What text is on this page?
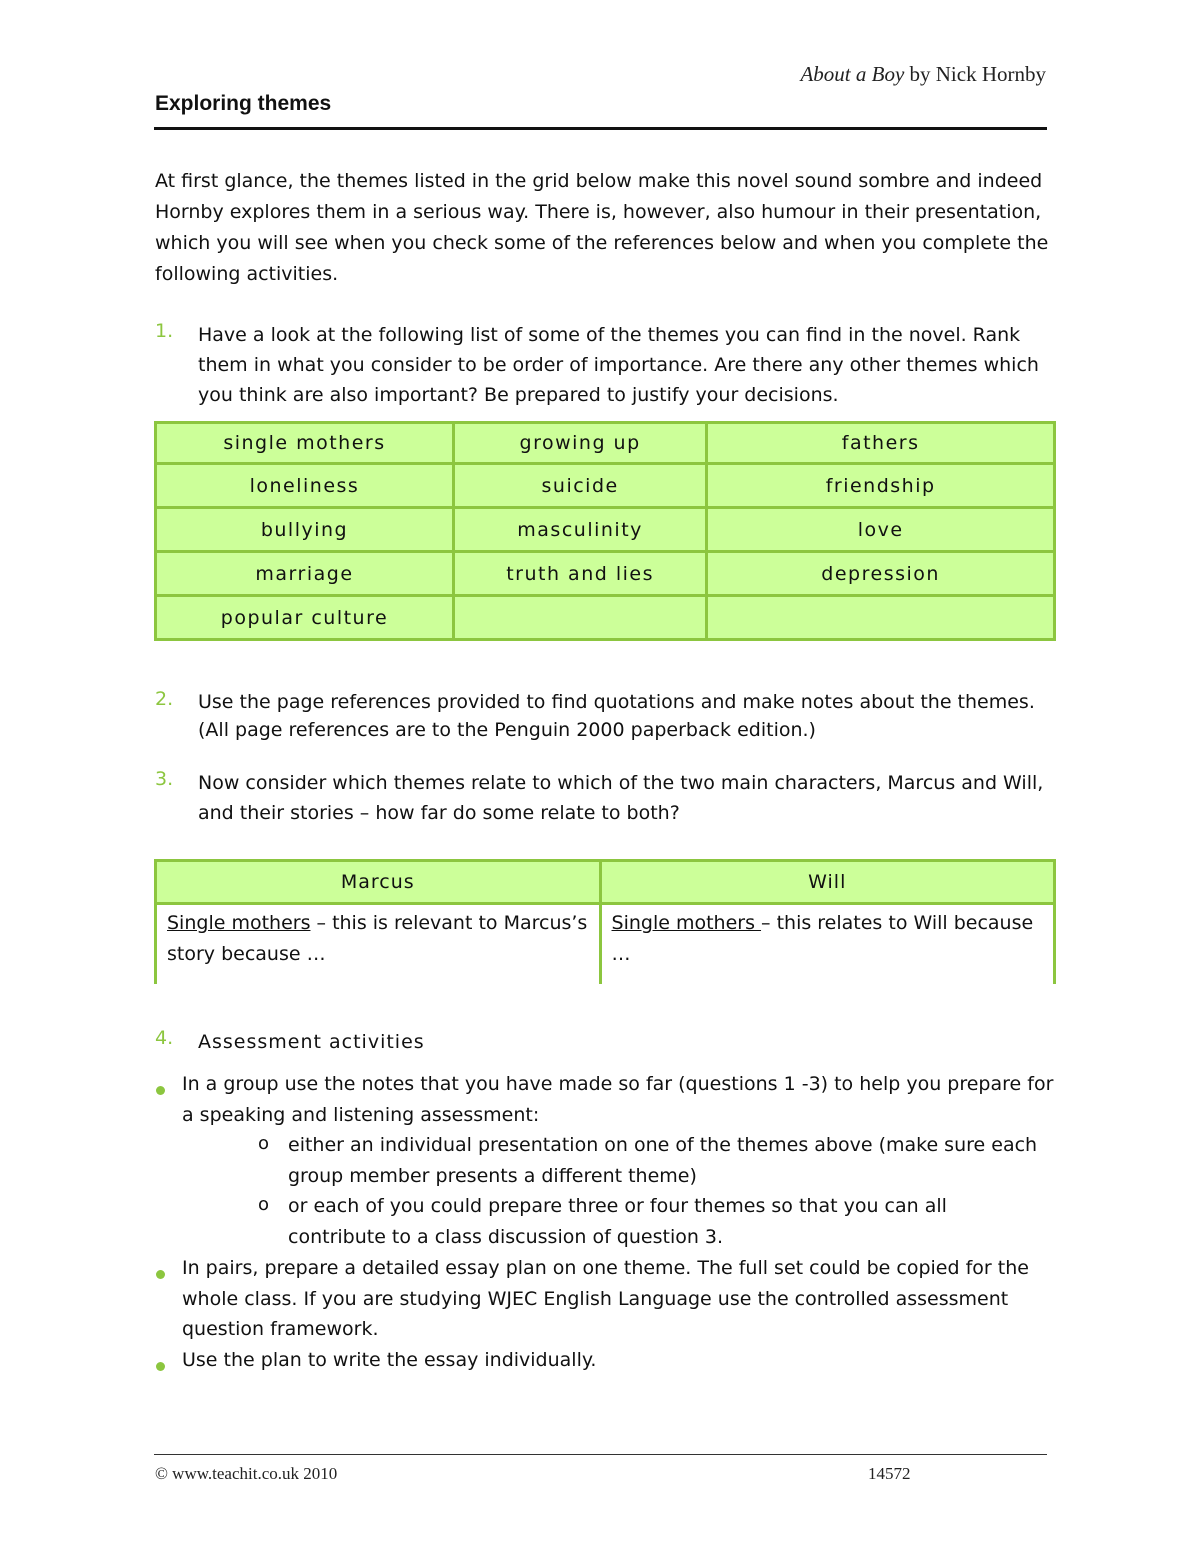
About a Boy by Nick Hornby
Exploring themes
At first glance, the themes listed in the grid below make this novel sound sombre and indeed Hornby explores them in a serious way. There is, however, also humour in their presentation, which you will see when you check some of the references below and when you complete the following activities.
1. Have a look at the following list of some of the themes you can find in the novel. Rank them in what you consider to be order of importance. Are there any other themes which you think are also important? Be prepared to justify your decisions.
single mothers	growing up	fathers
loneliness	suicide	friendship
bullying	masculinity	love
marriage	truth and lies	depression
popular culture		
2. Use the page references provided to find quotations and make notes about the themes. (All page references are to the Penguin 2000 paperback edition.)
3. Now consider which themes relate to which of the two main characters, Marcus and Will, and their stories – how far do some relate to both?
Marcus	Will
Single mothers – this is relevant to Marcus’s story because …	Single mothers – this relates to Will because …
4. Assessment activities
In a group use the notes that you have made so far (questions 1 -3) to help you prepare for a speaking and listening assessment:
o either an individual presentation on one of the themes above (make sure each group member presents a different theme)
o or each of you could prepare three or four themes so that you can all contribute to a class discussion of question 3.
In pairs, prepare a detailed essay plan on one theme. The full set could be copied for the whole class. If you are studying WJEC English Language use the controlled assessment question framework.
Use the plan to write the essay individually.
© www.teachit.co.uk 2010	14572
